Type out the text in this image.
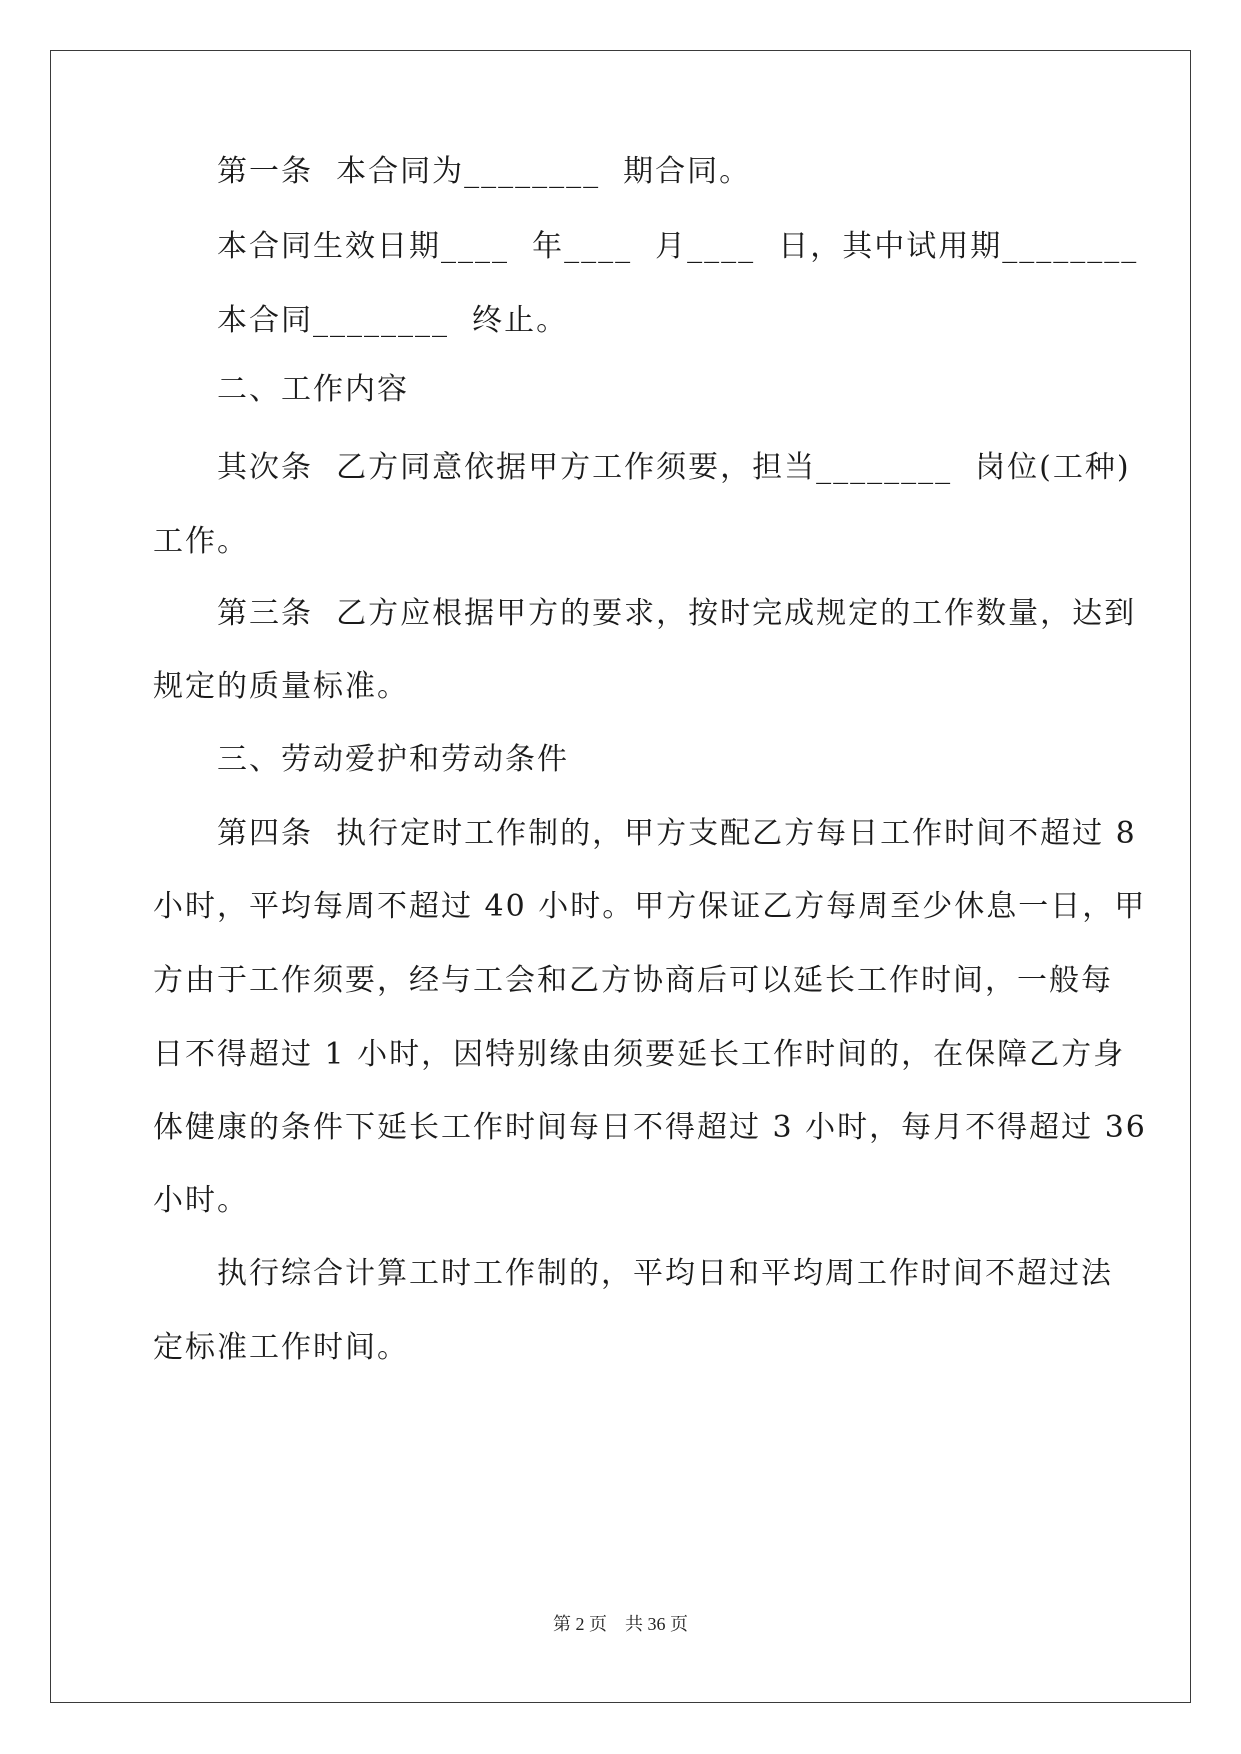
第一条  本合同为________  期合同。
本合同生效日期____  年____  月____  日，其中试用期________
本合同________  终止。
二、工作内容
其次条  乙方同意依据甲方工作须要，担当________  岗位(工种)
工作。
第三条  乙方应根据甲方的要求，按时完成规定的工作数量，达到
规定的质量标准。
三、劳动爱护和劳动条件
第四条  执行定时工作制的，甲方支配乙方每日工作时间不超过 8
小时，平均每周不超过 40 小时。甲方保证乙方每周至少休息一日，甲
方由于工作须要，经与工会和乙方协商后可以延长工作时间，一般每
日不得超过 1 小时，因特别缘由须要延长工作时间的，在保障乙方身
体健康的条件下延长工作时间每日不得超过 3 小时，每月不得超过 36
小时。
执行综合计算工时工作制的，平均日和平均周工作时间不超过法
定标准工作时间。
第 2 页    共 36 页
